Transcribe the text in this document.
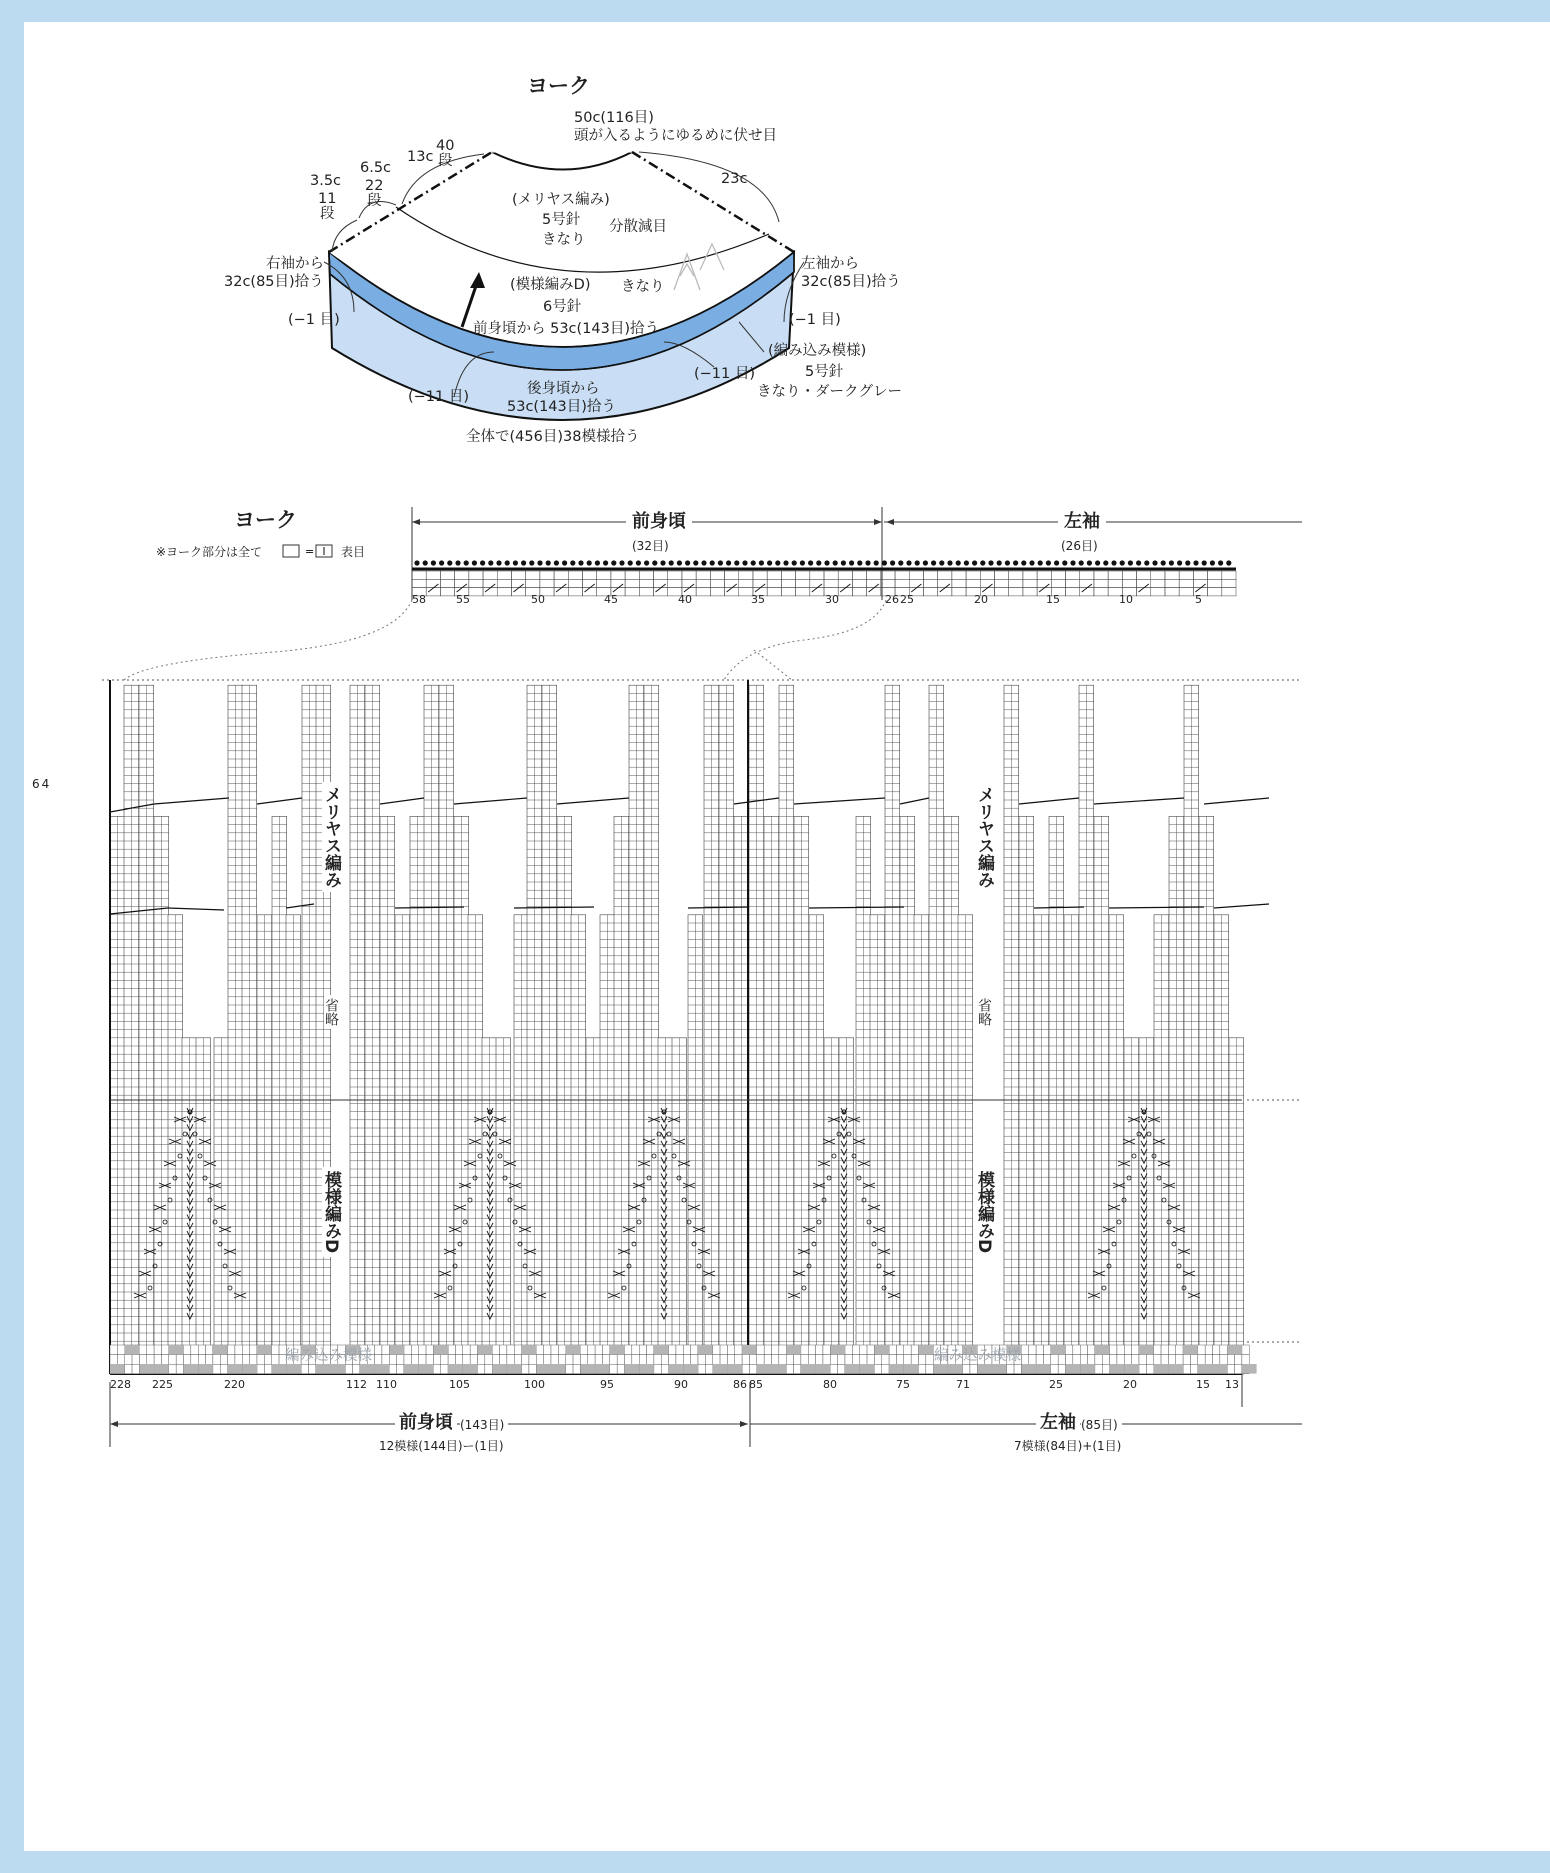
=
64
ヨーク
50c(116目)
頭が入るようにゆるめに伏せ目
40
段
13c
6.5c
22
段
3.5c
11
段
23c
(メリヤス編み)
5号針
きなり
分散減目
(模様編みD) きなり
6号針
前身頃から 53c(143目)拾う
右袖から
32c(85目)拾う
左袖から
32c(85目)拾う
(−1 目)	(−1 目)
(−11 目)
(−11 目)
(編み込み模様)
5号針
きなり・ダークグレー
後身頃から
53c(143目)拾う
全体で(456目)38模様拾う
ヨーク
※ヨーク部分は全て	表目
前身頃
(32目)
左袖
(26目)
58	55	50	45	40	35	30	26 25	20	15	10	5
メリヤス編み
省略
模様編みD
メリヤス編み
省略
模様編みD
編み込み模様	編み込み模様
228 225	220	112 110	105	100	95	90	86 85	80	75	71	25	20	15 13
前身頃 (143目)
12模様(144目)ー(1目)
左袖 (85目)
7模様(84目)+(1目)
